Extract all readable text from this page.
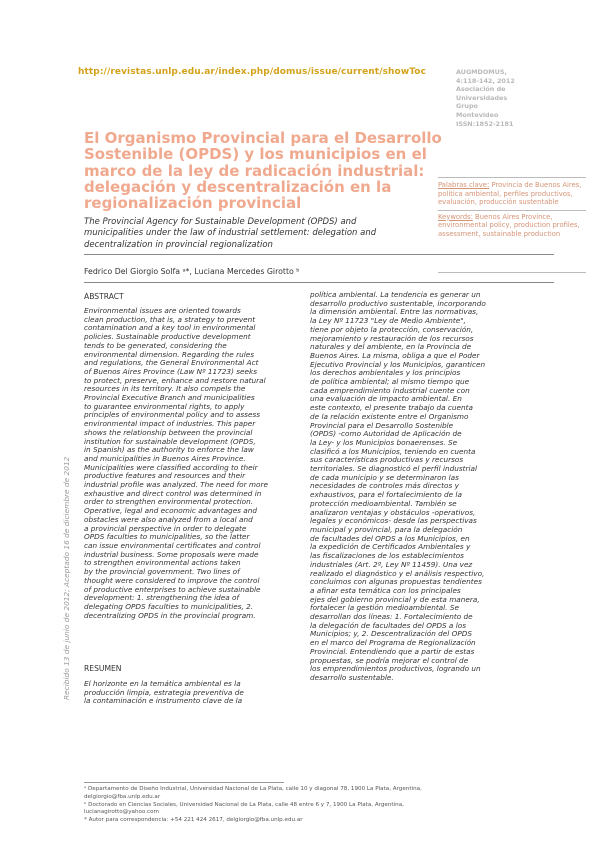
http://revistas.unlp.edu.ar/index.php/domus/issue/current/showToc	AUGMDOMUS,
4:118-142, 2012
Asociación de
Universidades
Grupo
Montevideo
ISSN:1852-2181
El Organismo Provincial para el Desarrollo
Sostenible (OPDS) y los municipios en el
marco de la ley de radicación industrial:
delegación y descentralización en la
regionalización provincial
The Provincial Agency for Sustainable Development (OPDS) and
municipalities under the law of industrial settlement: delegation and
decentralization in provincial regionalization
Fedrico Del Giorgio Solfa ᵃ*, Luciana Mercedes Girotto ᵇ
Palabras clave: Provincia de Buenos Aires, política ambiental, perfiles productivos, evaluación, producción sustentable
Keywords: Buenos Aires Province, environmental policy, production profiles, assessment, sustainable production
ABSTRACT
Environmental issues are oriented towards
clean production, that is, a strategy to prevent
contamination and a key tool in environmental
policies. Sustainable productive development
tends to be generated, considering the
environmental dimension. Regarding the rules
and regulations, the General Environmental Act
of Buenos Aires Province (Law Nº 11723) seeks
to protect, preserve, enhance and restore natural
resources in its territory. It also compels the
Provincial Executive Branch and municipalities
to guarantee environmental rights, to apply
principles of environmental policy and to assess
environmental impact of industries. This paper
shows the relationship between the provincial
institution for sustainable development (OPDS,
in Spanish) as the authority to enforce the law
and municipalities in Buenos Aires Province.
Municipalities were classified according to their
productive features and resources and their
industrial profile was analyzed. The need for more
exhaustive and direct control was determined in
order to strengthen environmental protection.
Operative, legal and economic advantages and
obstacles were also analyzed from a local and
a provincial perspective in order to delegate
OPDS faculties to municipalities, so the latter
can issue environmental certificates and control
industrial business. Some proposals were made
to strengthen environmental actions taken
by the provincial government. Two lines of
thought were considered to improve the control
of productive enterprises to achieve sustainable
development: 1. strengthening the idea of
delegating OPDS faculties to municipalities, 2.
decentralizing OPDS in the provincial program.
RESUMEN
El horizonte en la temática ambiental es la
producción limpia, estrategia preventiva de
la contaminación e instrumento clave de la
política ambiental. La tendencia es generar un
desarrollo productivo sustentable, incorporando
la dimensión ambiental. Entre las normativas,
la Ley Nº 11723 "Ley de Medio Ambiente",
tiene por objeto la protección, conservación,
mejoramiento y restauración de los recursos
naturales y del ambiente, en la Provincia de
Buenos Aires. La misma, obliga a que el Poder
Ejecutivo Provincial y los Municipios, garanticen
los derechos ambientales y los principios
de política ambiental; al mismo tiempo que
cada emprendimiento industrial cuente con
una evaluación de impacto ambiental. En
este contexto, el presente trabajo da cuenta
de la relación existente entre el Organismo
Provincial para el Desarrollo Sostenible
(OPDS) -como Autoridad de Aplicación de
la Ley- y los Municipios bonaerenses. Se
clasificó a los Municipios, teniendo en cuenta
sus características productivas y recursos
territoriales. Se diagnosticó el perfil industrial
de cada municipio y se determinaron las
necesidades de controles más directos y
exhaustivos, para el fortalecimiento de la
protección medioambiental. También se
analizaron ventajas y obstáculos -operativos,
legales y económicos- desde las perspectivas
municipal y provincial, para la delegación
de facultades del OPDS a los Municipios, en
la expedición de Certificados Ambientales y
las fiscalizaciones de los establecimientos
industriales (Art. 2º, Ley Nº 11459). Una vez
realizado el diagnóstico y el análisis respectivo,
concluimos con algunas propuestas tendientes
a afinar esta temática con los principales
ejes del gobierno provincial y de esta manera,
fortalecer la gestión medioambiental. Se
desarrollan dos líneas: 1. Fortalecimiento de
la delegación de facultades del OPDS a los
Municipios; y, 2. Descentralización del OPDS
en el marco del Programa de Regionalización
Provincial. Entendiendo que a partir de estas
propuestas, se podría mejorar el control de
los emprendimientos productivos, logrando un
desarrollo sustentable.
Recibido 13 de junio de 2012; Aceptado 16 de diciembre de 2012
ᵃ Departamento de Diseño Industrial, Universidad Nacional de La Plata, calle 10 y diagonal 78, 1900 La Plata, Argentina,
delgiorgio@fba.unlp.edu.ar
ᵇ Doctorado en Ciencias Sociales, Universidad Nacional de La Plata, calle 48 entre 6 y 7, 1900 La Plata, Argentina,
lucianagirotto@yahoo.com
* Autor para correspondencia: +54 221 424 2617, delgiorgio@fba.unlp.edu.ar
